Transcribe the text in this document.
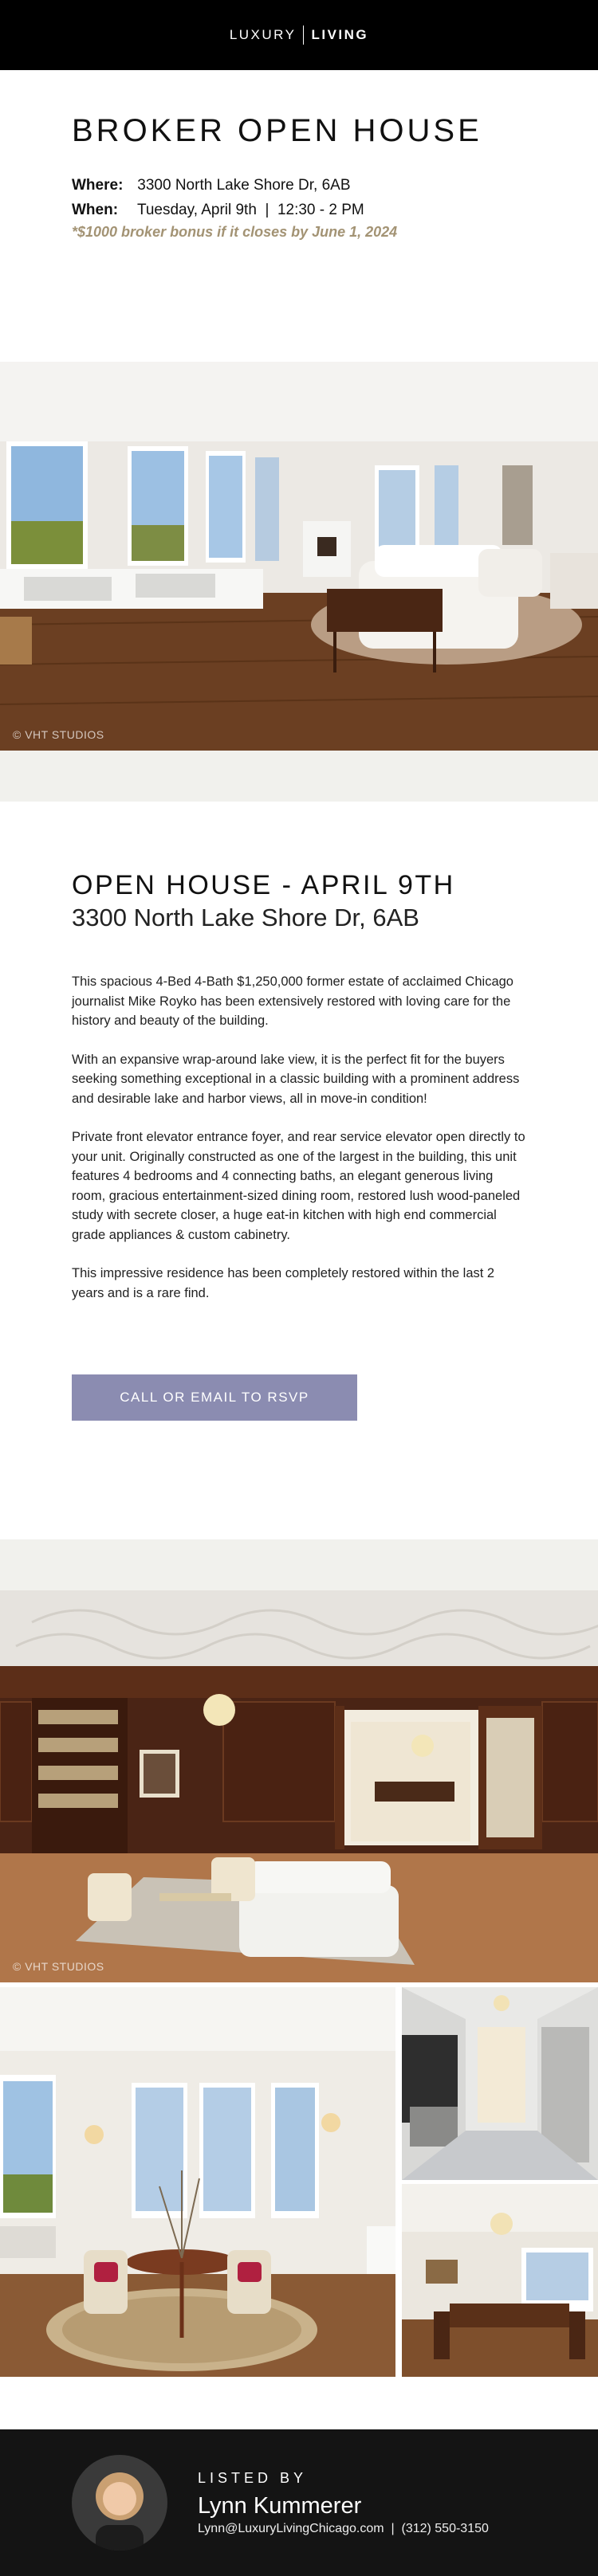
LUXURY LIVING
BROKER OPEN HOUSE
Where: 3300 North Lake Shore Dr, 6AB
When: Tuesday, April 9th  |  12:30 - 2 PM
*$1000 broker bonus if it closes by June 1, 2024
© VHT STUDIOS
OPEN HOUSE - APRIL 9TH
3300 North Lake Shore Dr, 6AB

This spacious 4-Bed 4-Bath $1,250,000 former estate of acclaimed Chicago journalist Mike Royko has been extensively restored with loving care for the history and beauty of the building.

With an expansive wrap-around lake view, it is the perfect fit for the buyers seeking something exceptional in a classic building with a prominent address and desirable lake and harbor views, all in move-in condition!

Private front elevator entrance foyer, and rear service elevator open directly to your unit. Originally constructed as one of the largest in the building, this unit features 4 bedrooms and 4 connecting baths, an elegant generous living room, gracious entertainment-sized dining room, restored lush wood-paneled study with secrete closer, a huge eat-in kitchen with high end commercial grade appliances & custom cabinetry.

This impressive residence has been completely restored within the last 2 years and is a rare find.

CALL OR EMAIL TO RSVP
© VHT STUDIOS
LISTED BY
Lynn Kummerer
Lynn@LuxuryLivingChicago.com  |  (312) 550-3150
